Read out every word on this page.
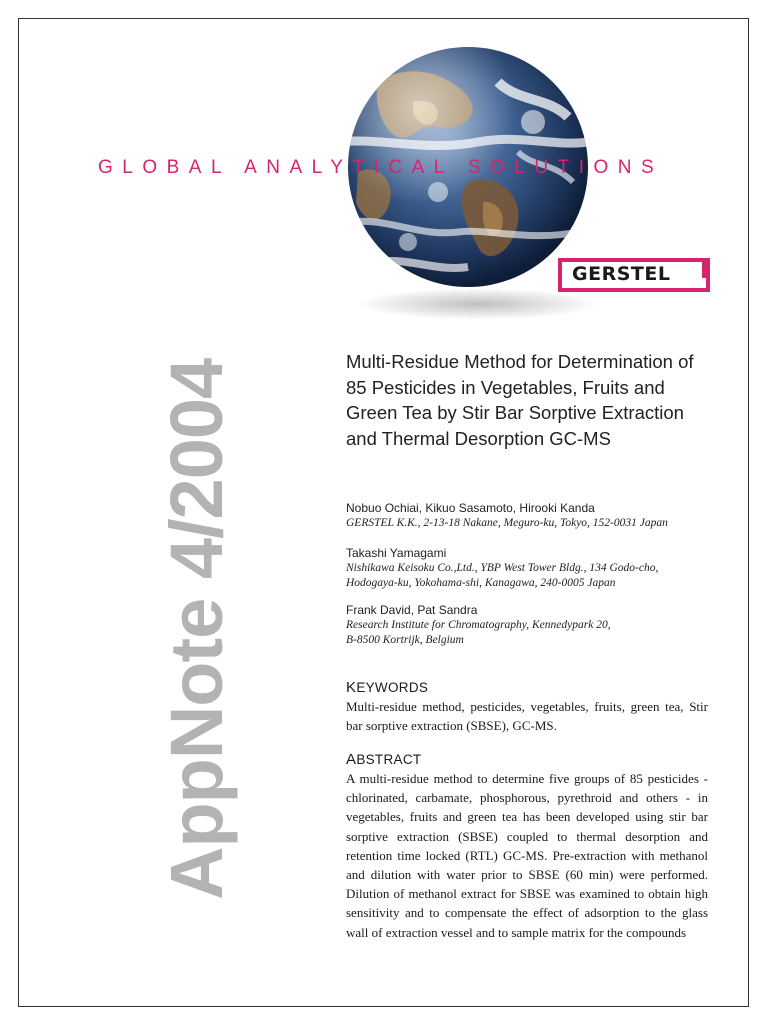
GLOBAL ANALYTICAL SOLUTIONS
GERSTEL
AppNote 4/2004	Multi-Residue Method for Determination of 85 Pesticides in Vegetables, Fruits and Green Tea by Stir Bar Sorptive Extraction and Thermal Desorption GC-MS
Nobuo Ochiai, Kikuo Sasamoto, Hirooki Kanda
GERSTEL K.K., 2-13-18 Nakane, Meguro-ku, Tokyo, 152-0031 Japan
Takashi Yamagami
Nishikawa Keisoku Co.,Ltd., YBP West Tower Bldg., 134 Godo-cho,
Hodogaya-ku, Yokohama-shi, Kanagawa, 240-0005 Japan
Frank David, Pat Sandra
Research Institute for Chromatography, Kennedypark 20,
B-8500 Kortrijk, Belgium
KEYWORDS
Multi-residue method, pesticides, vegetables, fruits, green tea, Stir bar sorptive extraction (SBSE), GC-MS.
ABSTRACT
A multi-residue method to determine five groups of 85 pesticides - chlorinated, carbamate, phosphorous, pyrethroid and others - in vegetables, fruits and green tea has been developed using stir bar sorptive extraction (SBSE) coupled to thermal desorption and retention time locked (RTL) GC-MS. Pre-extraction with methanol and dilution with water prior to SBSE (60 min) were performed. Dilution of methanol extract for SBSE was examined to obtain high sensitivity and to compensate the effect of adsorption to the glass wall of extraction vessel and to sample matrix for the compounds
